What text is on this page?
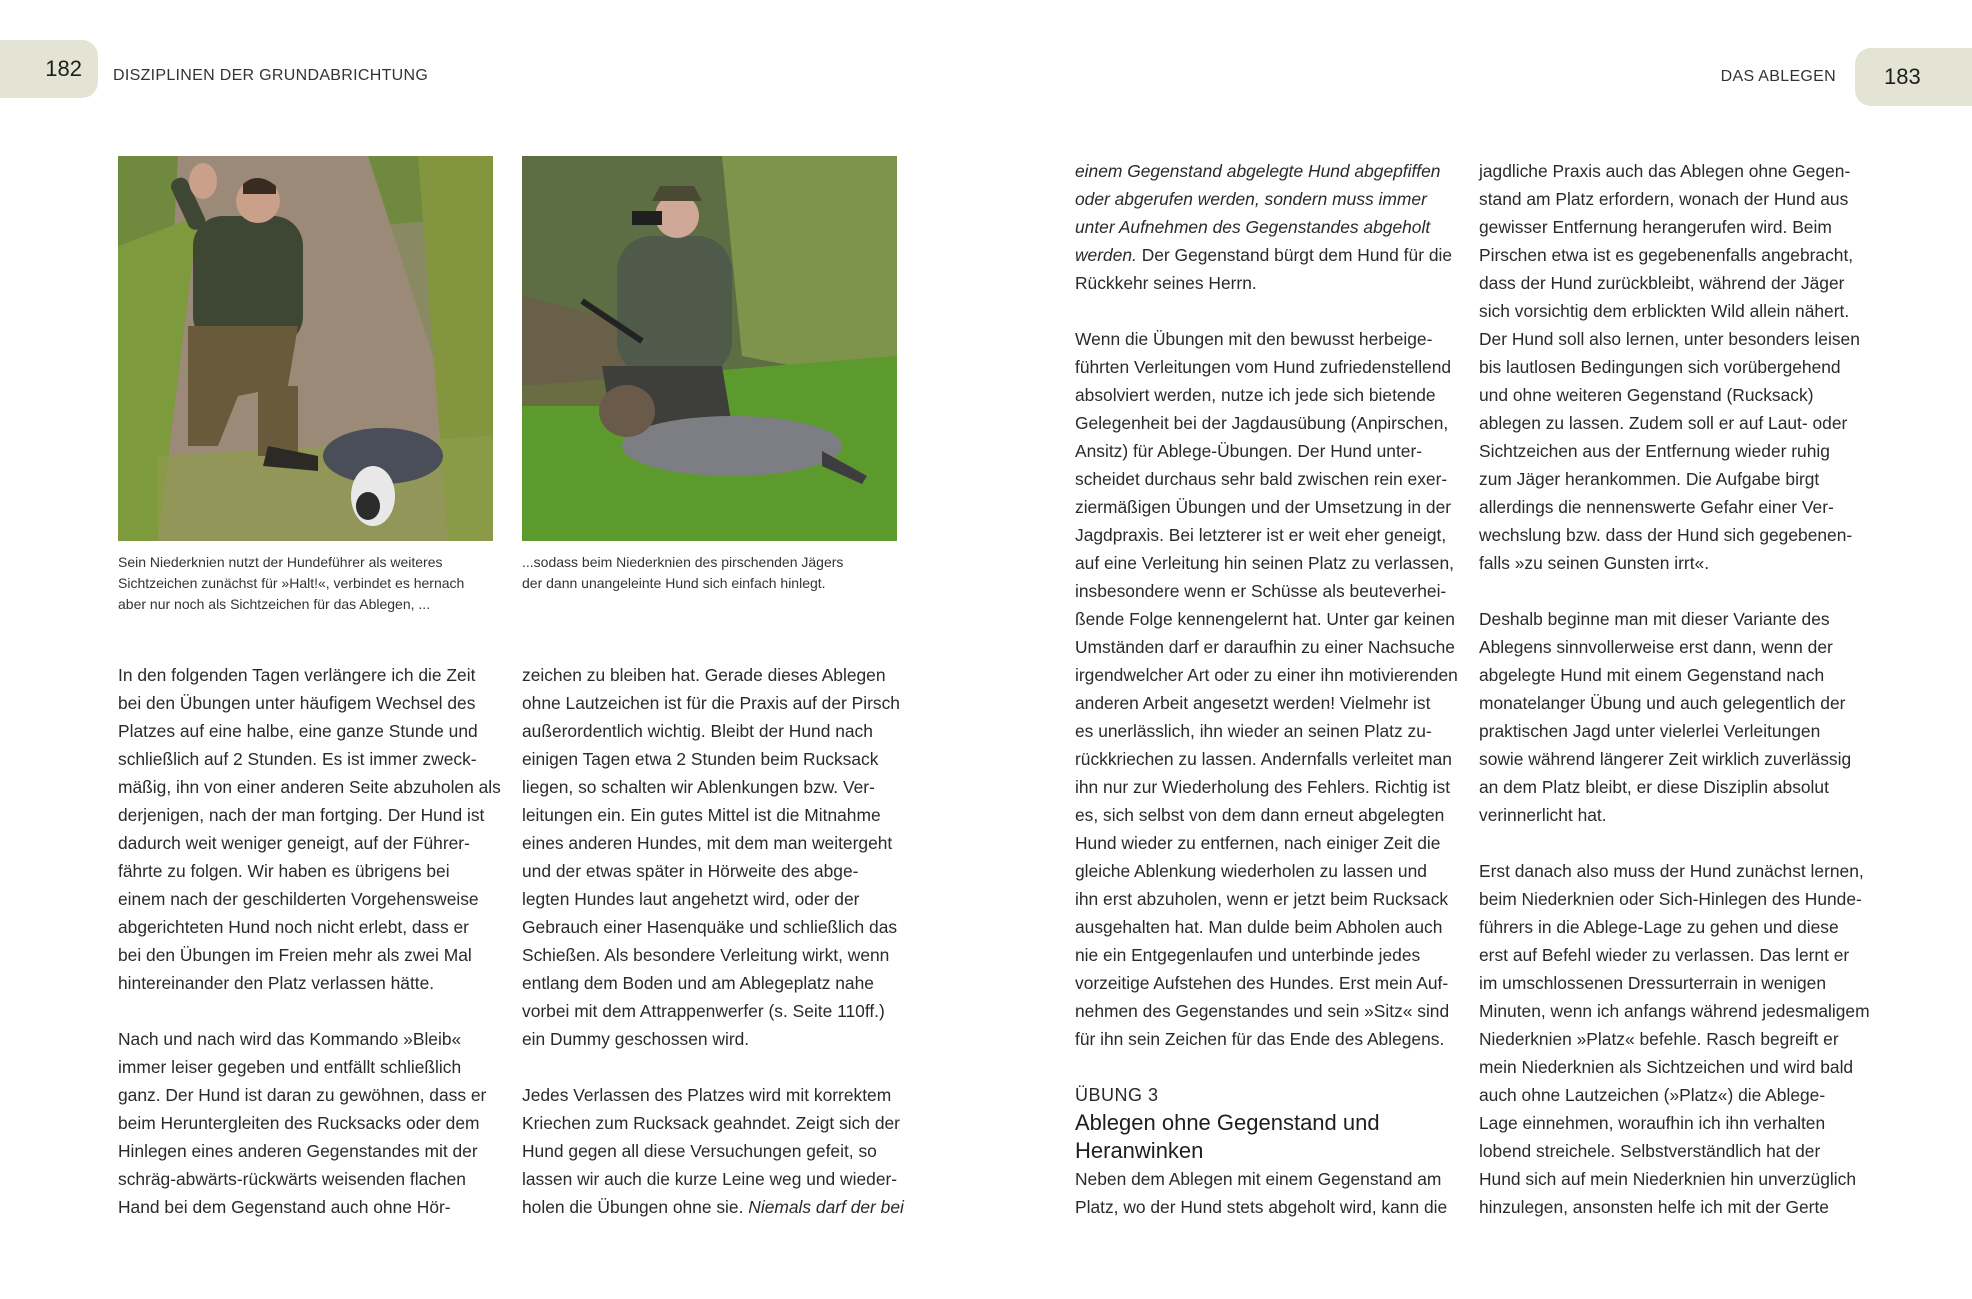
182	DISZIPLINEN DER GRUNDABRICHTUNG	DAS ABLEGEN	183
Sein Niederknien nutzt der Hundeführer als weiteres
Sichtzeichen zunächst für »Halt!«, verbindet es hernach
aber nur noch als Sichtzeichen für das Ablegen, ...
...sodass beim Niederknien des pirschenden Jägers
der dann unangeleinte Hund sich einfach hinlegt.
In den folgenden Tagen verlängere ich die Zeit
bei den Übungen unter häufigem Wechsel des
Platzes auf eine halbe, eine ganze Stunde und
schließlich auf 2 Stunden. Es ist immer zweck-
mäßig, ihn von einer anderen Seite abzuholen als
derjenigen, nach der man fortging. Der Hund ist
dadurch weit weniger geneigt, auf der Führer-
fährte zu folgen. Wir haben es übrigens bei
einem nach der geschilderten Vorgehensweise
abgerichteten Hund noch nicht erlebt, dass er
bei den Übungen im Freien mehr als zwei Mal
hintereinander den Platz verlassen hätte.
Nach und nach wird das Kommando »Bleib«
immer leiser gegeben und entfällt schließlich
ganz. Der Hund ist daran zu gewöhnen, dass er
beim Heruntergleiten des Rucksacks oder dem
Hinlegen eines anderen Gegenstandes mit der
schräg-abwärts-rückwärts weisenden flachen
Hand bei dem Gegenstand auch ohne Hör-
zeichen zu bleiben hat. Gerade dieses Ablegen
ohne Lautzeichen ist für die Praxis auf der Pirsch
außerordentlich wichtig. Bleibt der Hund nach
einigen Tagen etwa 2 Stunden beim Rucksack
liegen, so schalten wir Ablenkungen bzw. Ver-
leitungen ein. Ein gutes Mittel ist die Mitnahme
eines anderen Hundes, mit dem man weitergeht
und der etwas später in Hörweite des abge-
legten Hundes laut angehetzt wird, oder der
Gebrauch einer Hasenquäke und schließlich das
Schießen. Als besondere Verleitung wirkt, wenn
entlang dem Boden und am Ablegeplatz nahe
vorbei mit dem Attrappenwerfer (s. Seite 110ff.)
ein Dummy geschossen wird.
Jedes Verlassen des Platzes wird mit korrektem
Kriechen zum Rucksack geahndet. Zeigt sich der
Hund gegen all diese Versuchungen gefeit, so
lassen wir auch die kurze Leine weg und wieder-
holen die Übungen ohne sie. Niemals darf der bei
einem Gegenstand abgelegte Hund abgepfiffen
oder abgerufen werden, sondern muss immer
unter Aufnehmen des Gegenstandes abgeholt
werden. Der Gegenstand bürgt dem Hund für die
Rückkehr seines Herrn.
Wenn die Übungen mit den bewusst herbeige-
führten Verleitungen vom Hund zufriedenstellend
absolviert werden, nutze ich jede sich bietende
Gelegenheit bei der Jagdausübung (Anpirschen,
Ansitz) für Ablege-Übungen. Der Hund unter-
scheidet durchaus sehr bald zwischen rein exer-
ziermäßigen Übungen und der Umsetzung in der
Jagdpraxis. Bei letzterer ist er weit eher geneigt,
auf eine Verleitung hin seinen Platz zu verlassen,
insbesondere wenn er Schüsse als beuteverhei-
ßende Folge kennengelernt hat. Unter gar keinen
Umständen darf er daraufhin zu einer Nachsuche
irgendwelcher Art oder zu einer ihn motivierenden
anderen Arbeit angesetzt werden! Vielmehr ist
es unerlässlich, ihn wieder an seinen Platz zu-
rückkriechen zu lassen. Andernfalls verleitet man
ihn nur zur Wiederholung des Fehlers. Richtig ist
es, sich selbst von dem dann erneut abgelegten
Hund wieder zu entfernen, nach einiger Zeit die
gleiche Ablenkung wiederholen zu lassen und
ihn erst abzuholen, wenn er jetzt beim Rucksack
ausgehalten hat. Man dulde beim Abholen auch
nie ein Entgegenlaufen und unterbinde jedes
vorzeitige Aufstehen des Hundes. Erst mein Auf-
nehmen des Gegenstandes und sein »Sitz« sind
für ihn sein Zeichen für das Ende des Ablegens.
ÜBUNG 3
Ablegen ohne Gegenstand und
Heranwinken
Neben dem Ablegen mit einem Gegenstand am
Platz, wo der Hund stets abgeholt wird, kann die
jagdliche Praxis auch das Ablegen ohne Gegen-
stand am Platz erfordern, wonach der Hund aus
gewisser Entfernung herangerufen wird. Beim
Pirschen etwa ist es gegebenenfalls angebracht,
dass der Hund zurückbleibt, während der Jäger
sich vorsichtig dem erblickten Wild allein nähert.
Der Hund soll also lernen, unter besonders leisen
bis lautlosen Bedingungen sich vorübergehend
und ohne weiteren Gegenstand (Rucksack)
ablegen zu lassen. Zudem soll er auf Laut- oder
Sichtzeichen aus der Entfernung wieder ruhig
zum Jäger herankommen. Die Aufgabe birgt
allerdings die nennenswerte Gefahr einer Ver-
wechslung bzw. dass der Hund sich gegebenen-
falls »zu seinen Gunsten irrt«.
Deshalb beginne man mit dieser Variante des
Ablegens sinnvollerweise erst dann, wenn der
abgelegte Hund mit einem Gegenstand nach
monatelanger Übung und auch gelegentlich der
praktischen Jagd unter vielerlei Verleitungen
sowie während längerer Zeit wirklich zuverlässig
an dem Platz bleibt, er diese Disziplin absolut
verinnerlicht hat.
Erst danach also muss der Hund zunächst lernen,
beim Niederknien oder Sich-Hinlegen des Hunde-
führers in die Ablege-Lage zu gehen und diese
erst auf Befehl wieder zu verlassen. Das lernt er
im umschlossenen Dressurterrain in wenigen
Minuten, wenn ich anfangs während jedesmaligem
Niederknien »Platz« befehle. Rasch begreift er
mein Niederknien als Sichtzeichen und wird bald
auch ohne Lautzeichen (»Platz«) die Ablege-
Lage einnehmen, woraufhin ich ihn verhalten
lobend streichele. Selbstverständlich hat der
Hund sich auf mein Niederknien hin unverzüglich
hinzulegen, ansonsten helfe ich mit der Gerte
